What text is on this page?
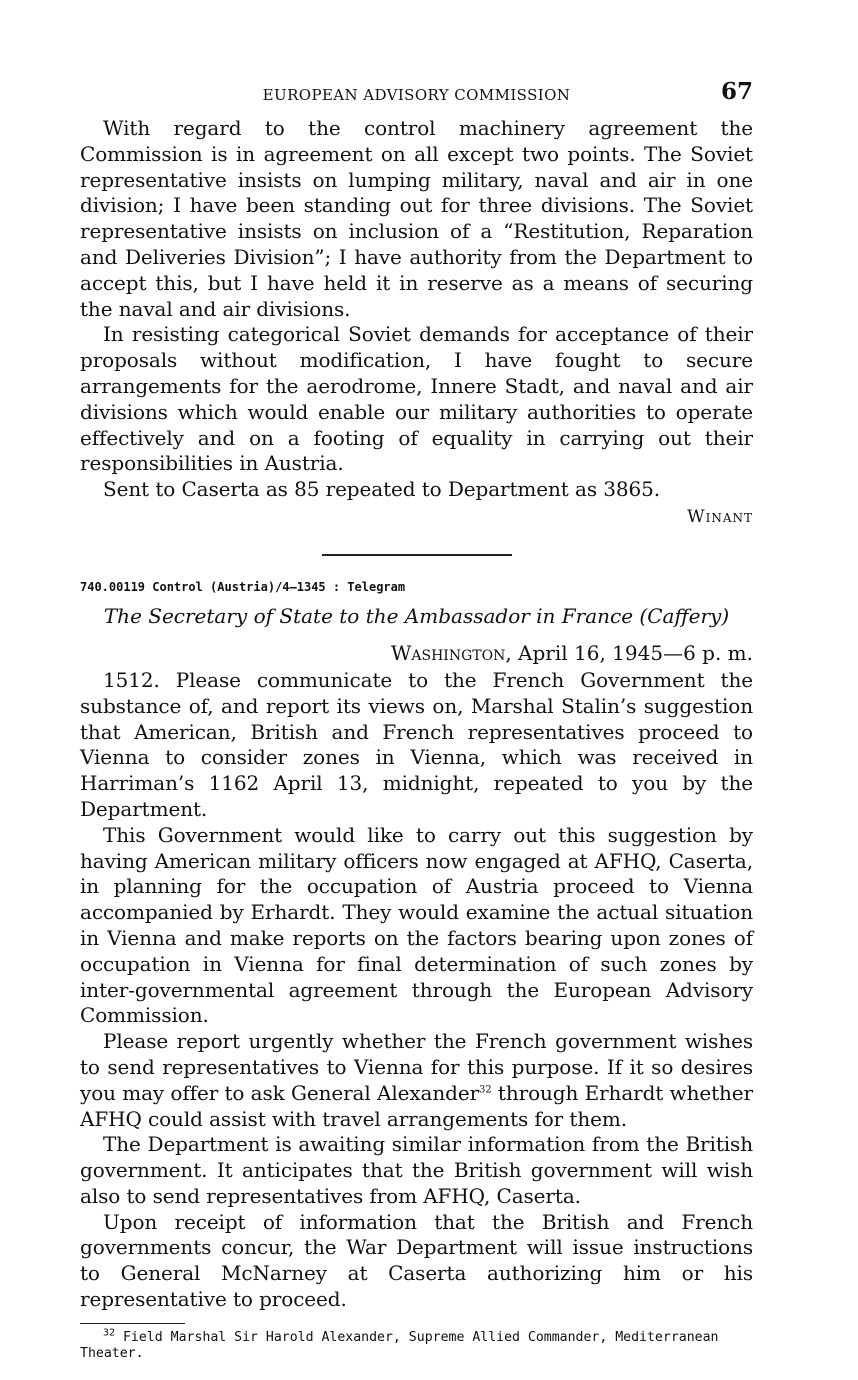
EUROPEAN ADVISORY COMMISSION	67

With regard to the control machinery agreement the Commission is in agreement on all except two points. The Soviet representative insists on lumping military, naval and air in one division; I have been standing out for three divisions. The Soviet representative insists on inclusion of a “Restitution, Reparation and Deliveries Division”; I have authority from the Department to accept this, but I have held it in reserve as a means of securing the naval and air divisions.

In resisting categorical Soviet demands for acceptance of their proposals without modification, I have fought to secure arrangements for the aerodrome, Innere Stadt, and naval and air divisions which would enable our military authorities to operate effectively and on a footing of equality in carrying out their responsibilities in Austria.

Sent to Caserta as 85 repeated to Department as 3865.

Winant
740.00119 Control (Austria)/4–1345 : Telegram
The Secretary of State to the Ambassador in France (Caffery)
Washington, April 16, 1945—6 p. m.

1512. Please communicate to the French Government the substance of, and report its views on, Marshal Stalin’s suggestion that American, British and French representatives proceed to Vienna to consider zones in Vienna, which was received in Harriman’s 1162 April 13, midnight, repeated to you by the Department.

This Government would like to carry out this suggestion by having American military officers now engaged at AFHQ, Caserta, in planning for the occupation of Austria proceed to Vienna accompanied by Erhardt. They would examine the actual situation in Vienna and make reports on the factors bearing upon zones of occupation in Vienna for final determination of such zones by inter-governmental agreement through the European Advisory Commission.

Please report urgently whether the French government wishes to send representatives to Vienna for this purpose. If it so desires you may offer to ask General Alexander$^{32}$ through Erhardt whether AFHQ could assist with travel arrangements for them.

The Department is awaiting similar information from the British government. It anticipates that the British government will wish also to send representatives from AFHQ, Caserta.

Upon receipt of information that the British and French governments concur, the War Department will issue instructions to General McNarney at Caserta authorizing him or his representative to proceed.

$^{32}$ Field Marshal Sir Harold Alexander, Supreme Allied Commander, Mediterranean Theater.
